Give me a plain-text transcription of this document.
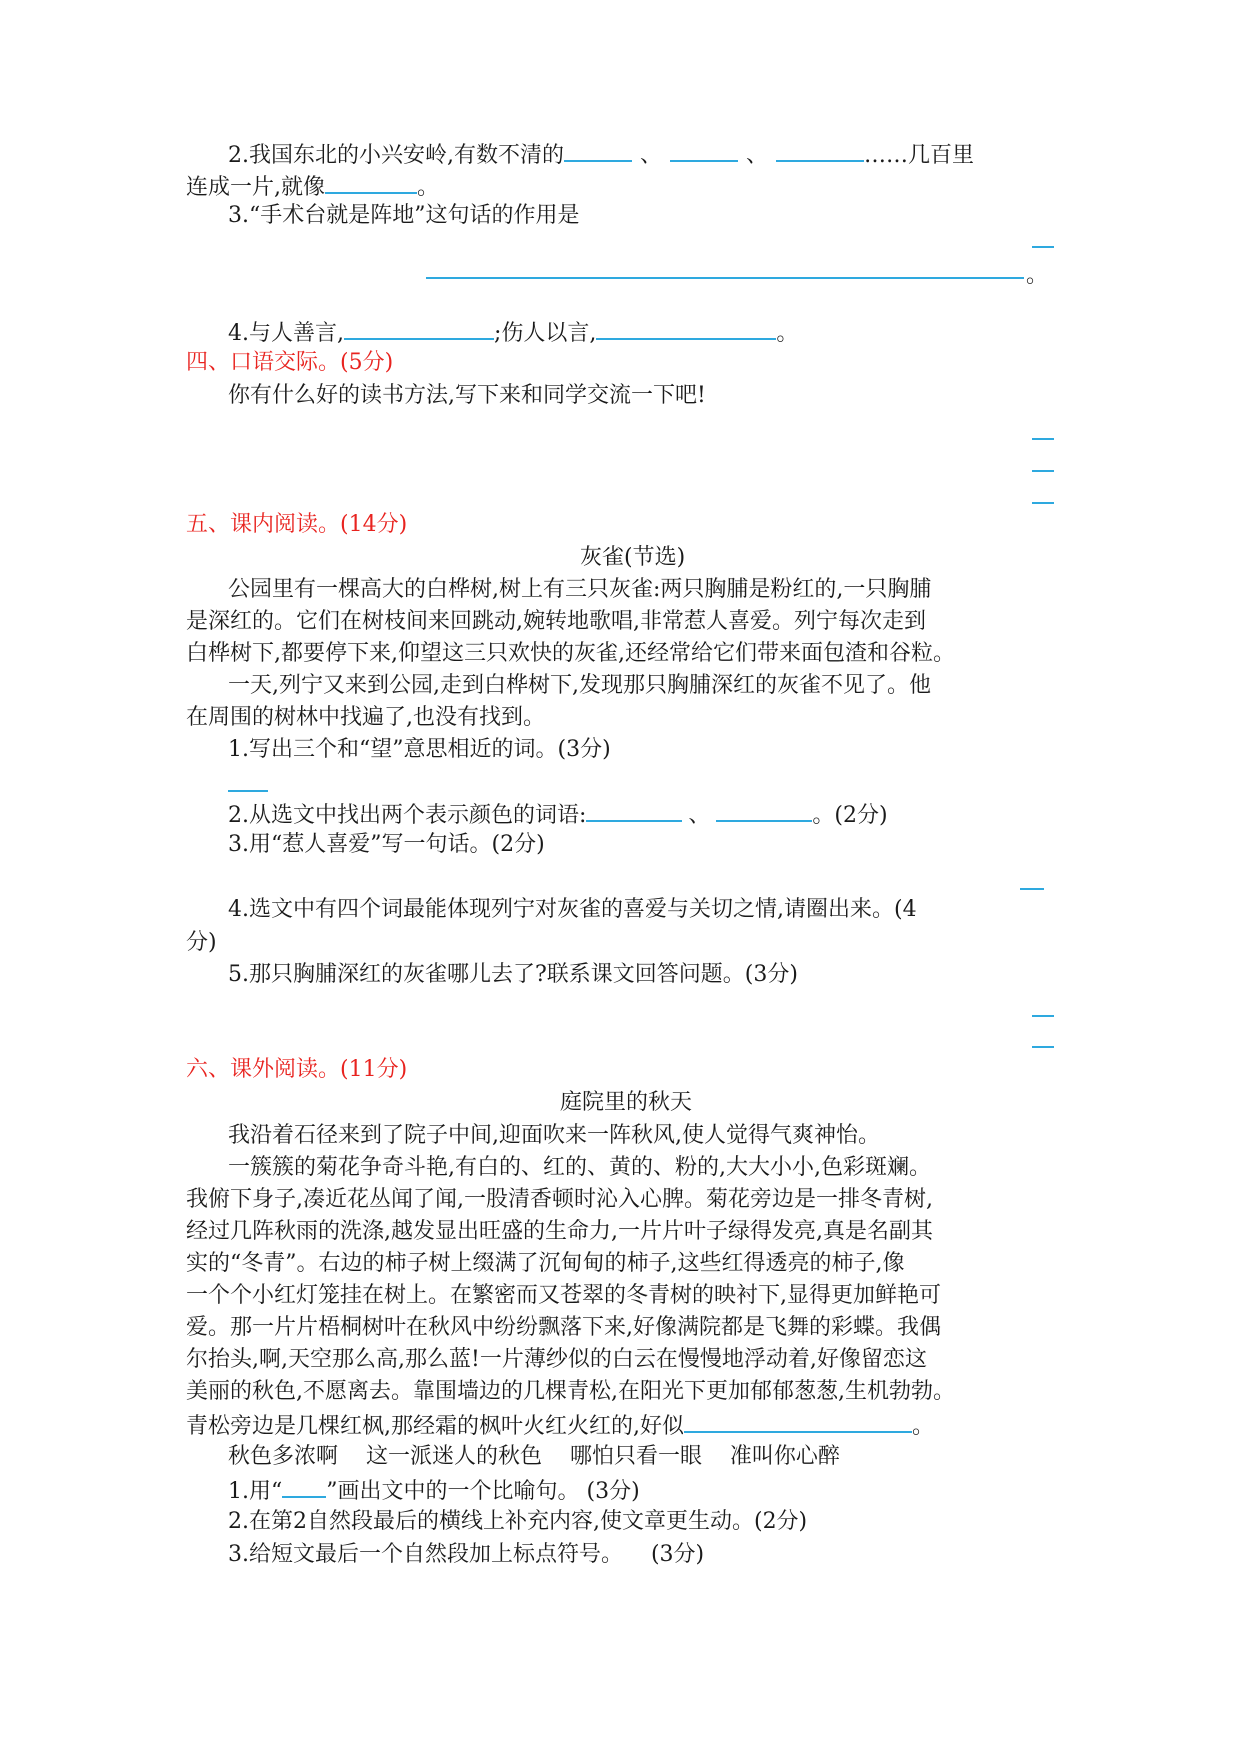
2.我国东北的小兴安岭,有数不清的	、	、	……几百里
连成一片,就像	。
3.“手术台就是阵地”这句话的作用是
。
4.与人善言,	;伤人以言,	。
四、口语交际。(5分)
你有什么好的读书方法,写下来和同学交流一下吧!
五、课内阅读。(14分)
灰雀(节选)
公园里有一棵高大的白桦树,树上有三只灰雀:两只胸脯是粉红的,一只胸脯
是深红的。它们在树枝间来回跳动,婉转地歌唱,非常惹人喜爱。列宁每次走到
白桦树下,都要停下来,仰望这三只欢快的灰雀,还经常给它们带来面包渣和谷粒。
一天,列宁又来到公园,走到白桦树下,发现那只胸脯深红的灰雀不见了。他
在周围的树林中找遍了,也没有找到。
1.写出三个和“望”意思相近的词。(3分)
2.从选文中找出两个表示颜色的词语:	、	。(2分)
3.用“惹人喜爱”写一句话。(2分)
4.选文中有四个词最能体现列宁对灰雀的喜爱与关切之情,请圈出来。(4
分)
5.那只胸脯深红的灰雀哪儿去了?联系课文回答问题。(3分)
六、课外阅读。(11分)
庭院里的秋天
我沿着石径来到了院子中间,迎面吹来一阵秋风,使人觉得气爽神怡。
一簇簇的菊花争奇斗艳,有白的、红的、黄的、粉的,大大小小,色彩斑斓。
我俯下身子,凑近花丛闻了闻,一股清香顿时沁入心脾。菊花旁边是一排冬青树,
经过几阵秋雨的洗涤,越发显出旺盛的生命力,一片片叶子绿得发亮,真是名副其
实的“冬青”。右边的柿子树上缀满了沉甸甸的柿子,这些红得透亮的柿子,像
一个个小红灯笼挂在树上。在繁密而又苍翠的冬青树的映衬下,显得更加鲜艳可
爱。那一片片梧桐树叶在秋风中纷纷飘落下来,好像满院都是飞舞的彩蝶。我偶
尔抬头,啊,天空那么高,那么蓝!一片薄纱似的白云在慢慢地浮动着,好像留恋这
美丽的秋色,不愿离去。靠围墙边的几棵青松,在阳光下更加郁郁葱葱,生机勃勃。
青松旁边是几棵红枫,那经霜的枫叶火红火红的,好似	。
秋色多浓啊    这一派迷人的秋色    哪怕只看一眼    准叫你心醉
1.用“ ”画出文中的一个比喻句。 (3分)
2.在第2自然段最后的横线上补充内容,使文章更生动。(2分)
3.给短文最后一个自然段加上标点符号。    (3分)
